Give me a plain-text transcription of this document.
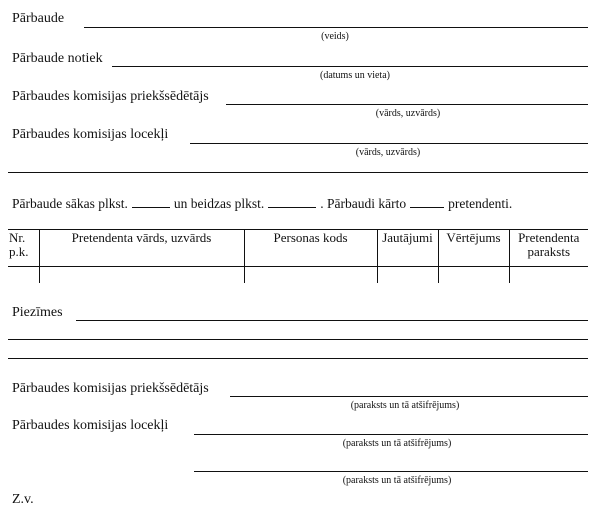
Pārbaude
(veids)
Pārbaude notiek
(datums un vieta)
Pārbaudes komisijas priekšsēdētājs
(vārds, uzvārds)
Pārbaudes komisijas locekļi
(vārds, uzvārds)
Pārbaude sākas plkst.	un beidzas plkst.	. Pārbaudi kārto	pretendenti.
Nr. p.k.	Pretendenta vārds, uzvārds	Personas kods	Jautājumi	Vērtējums	Pretendenta paraksts

Piezīmes
Pārbaudes komisijas priekšsēdētājs
(paraksts un tā atšifrējums)
Pārbaudes komisijas locekļi
(paraksts un tā atšifrējums)
(paraksts un tā atšifrējums)
Z.v.
